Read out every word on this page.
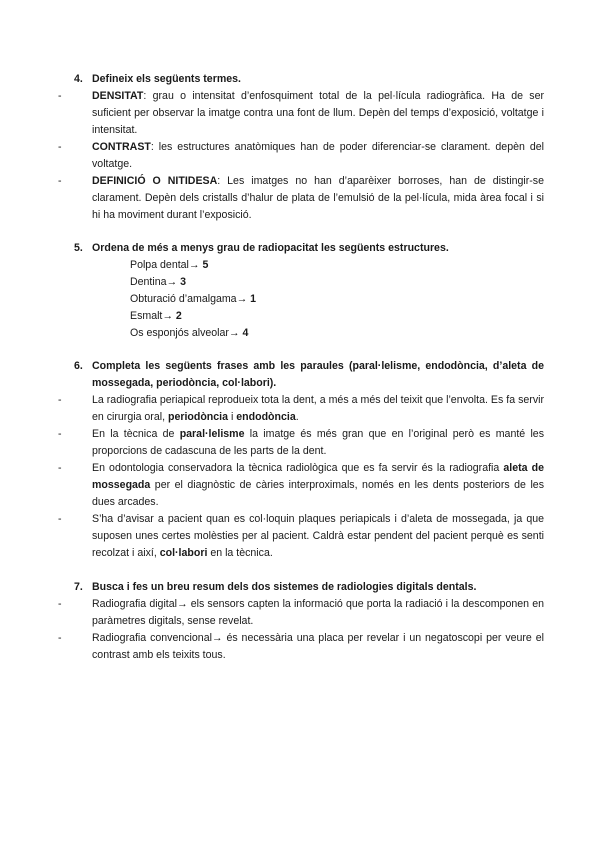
4. Defineix els següents termes.
-	DENSITAT: grau o intensitat d’enfosquiment total de la pel·lícula radiogràfica. Ha de ser suficient per observar la imatge contra una font de llum. Depèn del temps d’exposició, voltatge i intensitat.
-	CONTRAST: les estructures anatòmiques han de poder diferenciar-se clarament. depèn del voltatge.
-	DEFINICIÓ O NITIDESA: Les imatges no han d’aparèixer borroses, han de distingir-se clarament. Depèn dels cristalls d’halur de plata de l’emulsió de la pel·lícula, mida àrea focal i si hi ha moviment durant l’exposició.
5. Ordena de més a menys grau de radiopacitat les següents estructures.
Polpa dental→ 5
Dentina→ 3
Obturació d’amalgama→ 1
Esmalt→ 2
Os esponjós alveolar→ 4
6. Completa les següents frases amb les paraules (paral·lelisme, endodòncia, d’aleta de mossegada, periodòncia, col·labori).
-	La radiografia periapical reprodueix tota la dent, a més a més del teixit que l’envolta. Es fa servir en cirurgia oral, periodòncia i endodòncia.
-	En la tècnica de paral·lelisme la imatge és més gran que en l’original però es manté les proporcions de cadascuna de les parts de la dent.
-	En odontologia conservadora la tècnica radiològica que es fa servir és la radiografia aleta de mossegada per el diagnòstic de càries interproximals, només en les dents posteriors de les dues arcades.
-	S’ha d’avisar a pacient quan es col·loquin plaques periapicals i d’aleta de mossegada, ja que suposen unes certes molèsties per al pacient. Caldrà estar pendent del pacient perquè es senti recolzat i així, col·labori en la tècnica.
7. Busca i fes un breu resum dels dos sistemes de radiologies digitals dentals.
-	Radiografia digital→ els sensors capten la informació que porta la radiació i la descomponen en paràmetres digitals, sense revelat.
-	Radiografia convencional→ és necessària una placa per revelar i un negatoscopi per veure el contrast amb els teixits tous.
